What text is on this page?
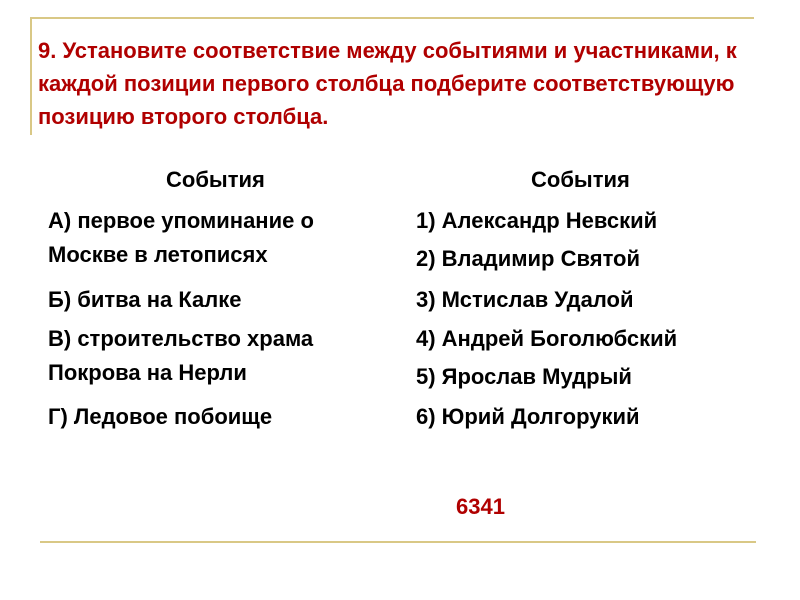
9. Установите соответствие между событиями и участниками, к каждой позиции первого столбца подберите соответствующую позицию второго столбца.

События	События
А) первое упоминание о
Москве в летописях
Б) битва на Калке
В) строительство храма
Покрова на Нерли
Г) Ледовое побоище
1) Александр Невский
2) Владимир Святой
3) Мстислав Удалой
4) Андрей Боголюбский
5) Ярослав Мудрый
6) Юрий Долгорукий
6341
